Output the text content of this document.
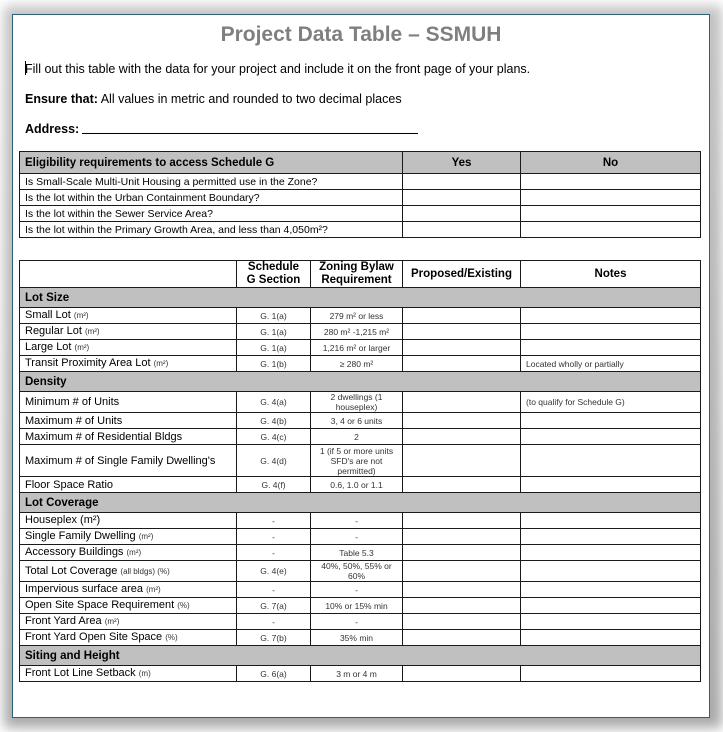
Project Data Table – SSMUH
Fill out this table with the data for your project and include it on the front page of your plans.
Ensure that: All values in metric and rounded to two decimal places
Address:
Eligibility requirements to access Schedule G	Yes	No
Is Small-Scale Multi-Unit Housing a permitted use in the Zone?		
Is the lot within the Urban Containment Boundary?		
Is the lot within the Sewer Service Area?		
Is the lot within the Primary Growth Area, and less than 4,050m²?		
	Schedule G Section	Zoning Bylaw Requirement	Proposed/Existing	Notes
Lot Size				
Small Lot (m²)	G. 1(a)	279 m² or less		
Regular Lot (m²)	G. 1(a)	280 m² -1,215 m²		
Large Lot (m²)	G. 1(a)	1,216 m² or larger		
Transit Proximity Area Lot (m²)	G. 1(b)	≥ 280 m²		Located wholly or partially
Density				
Minimum # of Units	G. 4(a)	2 dwellings (1 houseplex)		(to qualify for Schedule G)
Maximum # of Units	G. 4(b)	3, 4 or 6 units		
Maximum # of Residential Bldgs	G. 4(c)	2		
Maximum # of Single Family Dwelling's	G. 4(d)	1 (if 5 or more units SFD's are not permitted)		
Floor Space Ratio	G. 4(f)	0.6, 1.0 or 1.1		
Lot Coverage				
Houseplex (m²)	-	-		
Single Family Dwelling (m²)	-	-		
Accessory Buildings (m²)	-	Table 5.3		
Total Lot Coverage (all bldgs) (%)	G. 4(e)	40%, 50%, 55% or 60%		
Impervious surface area (m²)	-	-		
Open Site Space Requirement (%)	G. 7(a)	10% or 15% min		
Front Yard Area (m²)	-	-		
Front Yard Open Site Space (%)	G. 7(b)	35% min		
Siting and Height				
Front Lot Line Setback (m)	G. 6(a)	3 m or 4 m		
